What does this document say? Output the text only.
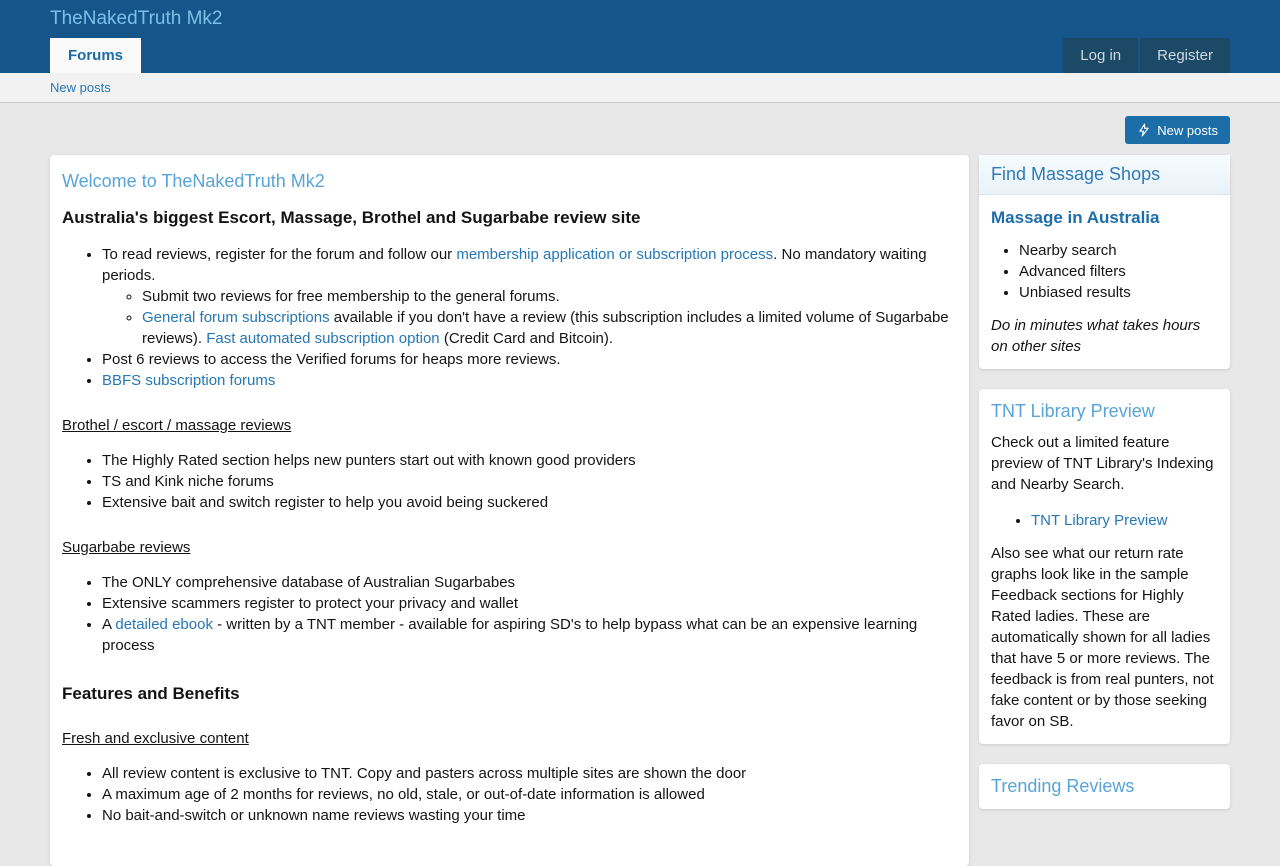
TheNakedTruth Mk2
Forums	Log in	Register
New posts
New posts
Welcome to TheNakedTruth Mk2
Australia's biggest Escort, Massage, Brothel and Sugarbabe review site
• To read reviews, register for the forum and follow our membership application or subscription process. No mandatory waiting periods.
◦ Submit two reviews for free membership to the general forums.
◦ General forum subscriptions available if you don't have a review (this subscription includes a limited volume of Sugarbabe reviews). Fast automated subscription option (Credit Card and Bitcoin).
• Post 6 reviews to access the Verified forums for heaps more reviews.
• BBFS subscription forums
Brothel / escort / massage reviews
• The Highly Rated section helps new punters start out with known good providers
• TS and Kink niche forums
• Extensive bait and switch register to help you avoid being suckered
Sugarbabe reviews
• The ONLY comprehensive database of Australian Sugarbabes
• Extensive scammers register to protect your privacy and wallet
• A detailed ebook - written by a TNT member - available for aspiring SD's to help bypass what can be an expensive learning process
Features and Benefits
Fresh and exclusive content
• All review content is exclusive to TNT. Copy and pasters across multiple sites are shown the door
• A maximum age of 2 months for reviews, no old, stale, or out-of-date information is allowed
• No bait-and-switch or unknown name reviews wasting your time
Find Massage Shops
Massage in Australia
• Nearby search
• Advanced filters
• Unbiased results
Do in minutes what takes hours on other sites
TNT Library Preview

Check out a limited feature preview of TNT Library's Indexing and Nearby Search.

• TNT Library Preview

Also see what our return rate graphs look like in the sample Feedback sections for Highly Rated ladies. These are automatically shown for all ladies that have 5 or more reviews. The feedback is from real punters, not fake content or by those seeking favor on SB.

Trending Reviews
